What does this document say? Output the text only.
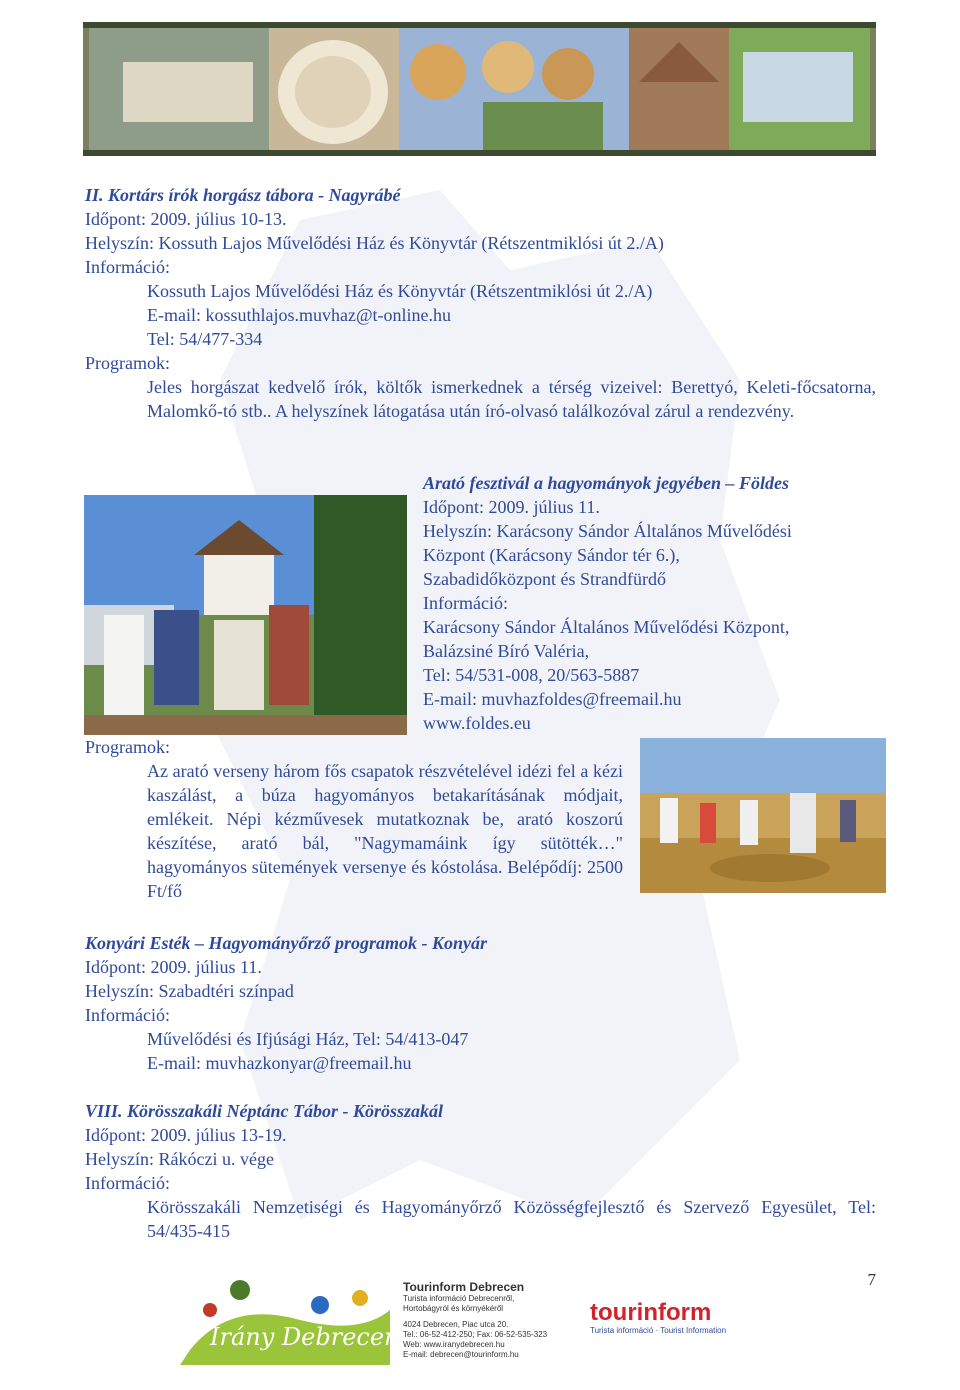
II. Kortárs írók horgász tábora - Nagyrábé
Időpont: 2009. július 10-13.
Helyszín: Kossuth Lajos Művelődési Ház és Könyvtár (Rétszentmiklósi út 2./A)
Információ:
Kossuth Lajos Művelődési Ház és Könyvtár (Rétszentmiklósi út 2./A)
E-mail: kossuthlajos.muvhaz@t-online.hu
Tel: 54/477-334
Programok:
Jeles horgászat kedvelő írók, költők ismerkednek a térség vizeivel: Berettyó, Keleti-főcsatorna, Malomkő-tó stb.. A helyszínek látogatása után író-olvasó találkozóval zárul a rendezvény.
Arató fesztivál a hagyományok jegyében – Földes
Időpont: 2009. július 11.
Helyszín: Karácsony Sándor Általános Művelődési
Központ (Karácsony Sándor tér 6.),
Szabadidőközpont és Strandfürdő
Információ:
Karácsony Sándor Általános Művelődési Központ,
Balázsiné Bíró Valéria,
Tel: 54/531-008, 20/563-5887
E-mail: muvhazfoldes@freemail.hu
www.foldes.eu
Programok:
Az arató verseny három fős csapatok részvételével idézi fel a kézi kaszálást, a búza hagyományos betakarításának módjait, emlékeit. Népi kézművesek mutatkoznak be, arató koszorú készítése, arató bál, "Nagymamáink így sütötték…" hagyományos sütemények versenye és kóstolása. Belépődíj: 2500 Ft/fő
Konyári Esték – Hagyományőrző programok - Konyár
Időpont: 2009. július 11.
Helyszín: Szabadtéri színpad
Információ:
Művelődési és Ifjúsági Ház, Tel: 54/413-047
E-mail: muvhazkonyar@freemail.hu
VIII. Körösszakáli Néptánc Tábor - Körösszakál
Időpont: 2009. július 13-19.
Helyszín: Rákóczi u. vége
Információ:
Körösszakáli Nemzetiségi és Hagyományőrző Közösségfejlesztő és Szervező Egyesület, Tel: 54/435-415
7
Irány Debrecen
Tourinform Debrecen
Turista információ Debrecenről,
Hortobágyról és környékéről
4024 Debrecen, Piac utca 20.
Tel.: 06-52-412-250; Fax: 06-52-535-323
Web: www.iranydebrecen.hu
E-mail: debrecen@tourinform.hu
tourinform
Turista információ · Tourist Information
